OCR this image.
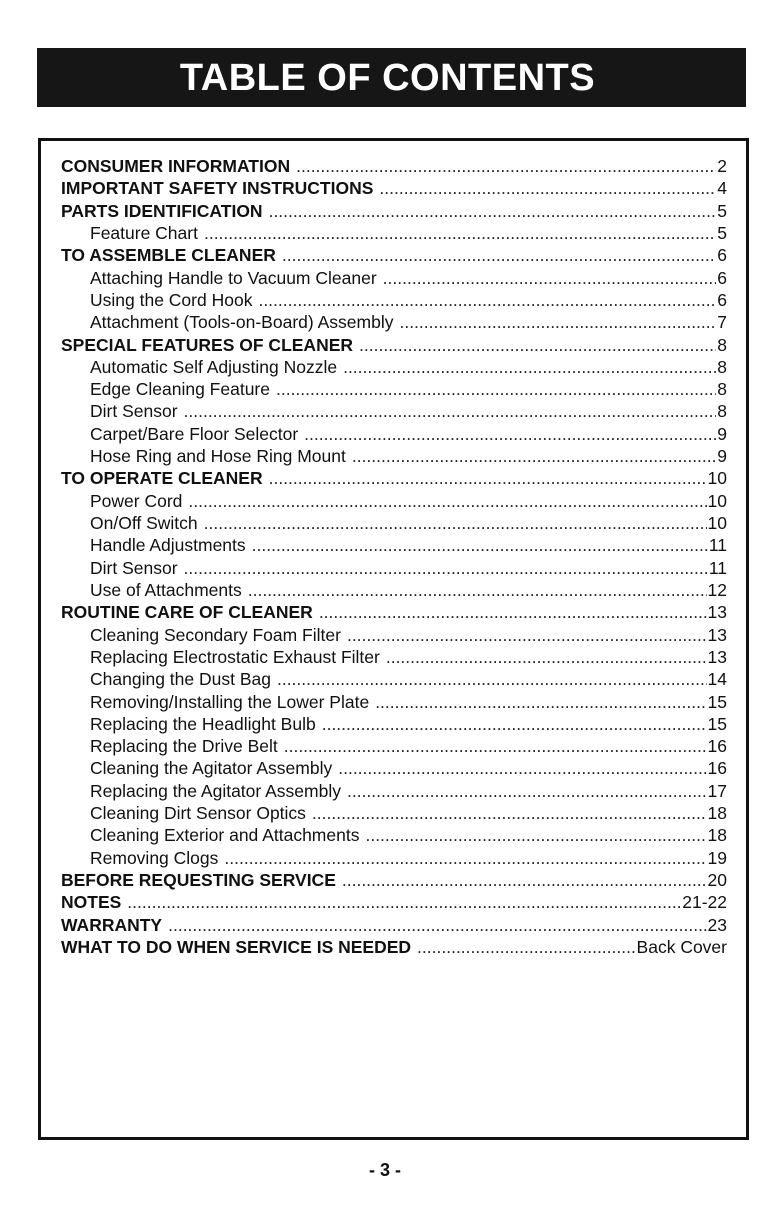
TABLE OF CONTENTS
CONSUMER INFORMATION .....	2
IMPORTANT SAFETY INSTRUCTIONS .....	4
PARTS IDENTIFICATION .....	5
Feature Chart .....	5
TO ASSEMBLE CLEANER .....	6
Attaching Handle to Vacuum Cleaner .....	6
Using the Cord Hook .....	6
Attachment (Tools-on-Board) Assembly .....	7
SPECIAL FEATURES OF CLEANER .....	8
Automatic Self Adjusting Nozzle .....	8
Edge Cleaning Feature .....	8
Dirt Sensor .....	8
Carpet/Bare Floor Selector .....	9
Hose Ring and Hose Ring Mount .....	9
TO OPERATE CLEANER .....	10
Power Cord .....	10
On/Off Switch .....	10
Handle Adjustments .....	11
Dirt Sensor .....	11
Use of Attachments .....	12
ROUTINE CARE OF CLEANER .....	13
Cleaning Secondary Foam Filter .....	13
Replacing Electrostatic Exhaust Filter .....	13
Changing the Dust Bag .....	14
Removing/Installing the Lower Plate .....	15
Replacing the Headlight Bulb .....	15
Replacing the Drive Belt .....	16
Cleaning the Agitator Assembly .....	16
Replacing the Agitator Assembly .....	17
Cleaning Dirt Sensor Optics .....	18
Cleaning Exterior and Attachments .....	18
Removing Clogs .....	19
BEFORE REQUESTING SERVICE .....	20
NOTES .....	21-22
WARRANTY .....	23
WHAT TO DO WHEN SERVICE IS NEEDED .....	Back Cover
- 3 -
